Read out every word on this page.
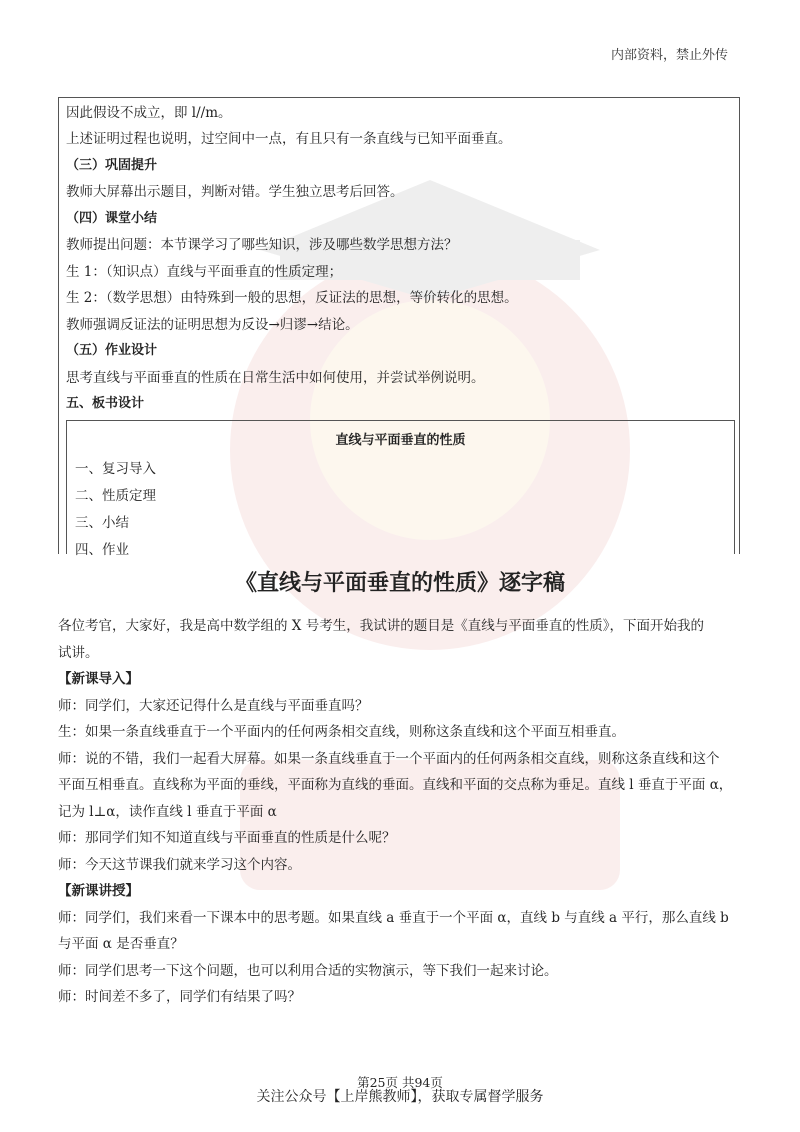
内部资料，禁止外传
因此假设不成立，即 l//m。
上述证明过程也说明，过空间中一点，有且只有一条直线与已知平面垂直。
（三）巩固提升
教师大屏幕出示题目，判断对错。学生独立思考后回答。
（四）课堂小结
教师提出问题：本节课学习了哪些知识，涉及哪些数学思想方法？
生 1：（知识点）直线与平面垂直的性质定理；
生 2：（数学思想）由特殊到一般的思想，反证法的思想，等价转化的思想。
教师强调反证法的证明思想为反设→归谬→结论。
（五）作业设计
思考直线与平面垂直的性质在日常生活中如何使用，并尝试举例说明。
五、板书设计
直线与平面垂直的性质
一、复习导入
二、性质定理
三、小结
四、作业
《直线与平面垂直的性质》逐字稿
各位考官，大家好，我是高中数学组的 X 号考生，我试讲的题目是《直线与平面垂直的性质》，下面开始我的
试讲。
【新课导入】
师：同学们，大家还记得什么是直线与平面垂直吗？
生：如果一条直线垂直于一个平面内的任何两条相交直线，则称这条直线和这个平面互相垂直。
师：说的不错，我们一起看大屏幕。如果一条直线垂直于一个平面内的任何两条相交直线，则称这条直线和这个
平面互相垂直。直线称为平面的垂线，平面称为直线的垂面。直线和平面的交点称为垂足。直线 l 垂直于平面 α，
记为 l⊥α，读作直线 l 垂直于平面 α
师：那同学们知不知道直线与平面垂直的性质是什么呢？
师：今天这节课我们就来学习这个内容。
【新课讲授】
师：同学们，我们来看一下课本中的思考题。如果直线 a 垂直于一个平面 α，直线 b 与直线 a 平行，那么直线 b
与平面 α 是否垂直？
师：同学们思考一下这个问题，也可以利用合适的实物演示，等下我们一起来讨论。
师：时间差不多了，同学们有结果了吗？
第25页 共94页
关注公众号【上岸熊教师】，获取专属督学服务
